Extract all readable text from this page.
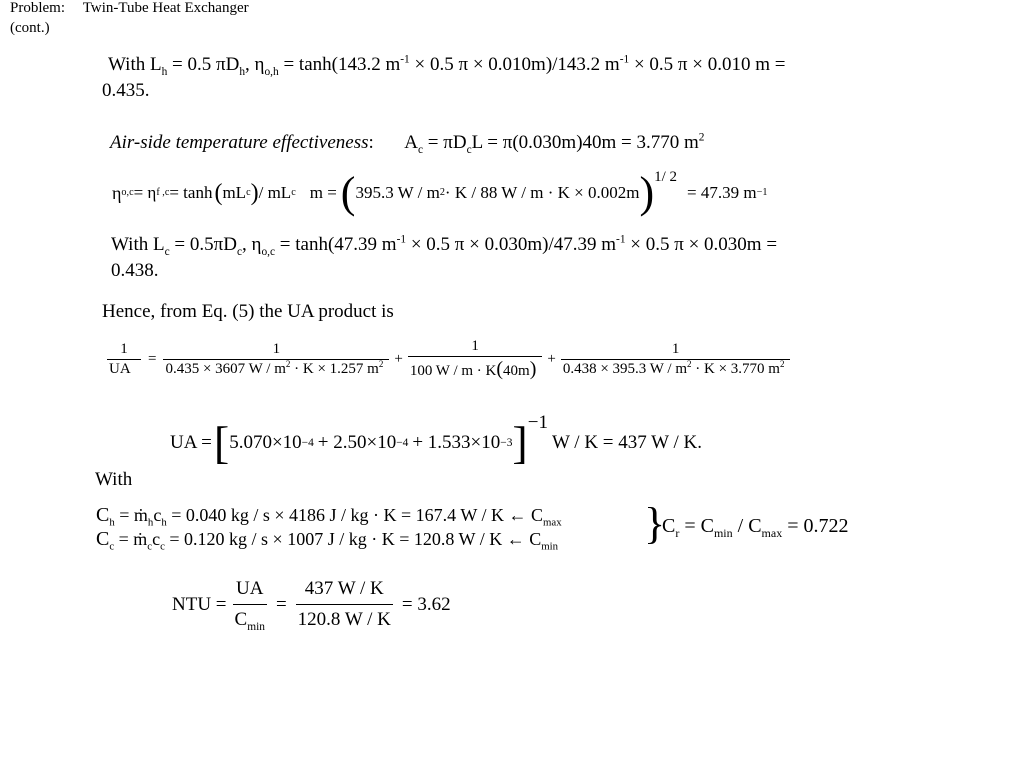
Problem: Twin-Tube Heat Exchanger
(cont.)
With $L_h = 0.5$ $\pi D_h$, $\eta_{o,h} = \tanh(143.2$ $m^{-1} \times 0.5$ π × 0.010m)/143.2 $m^{-1} \times 0.5$ π × 0.010 m =
0.435.
Air-side temperature effectiveness: $A_c = \pi D_cL = \pi(0.030m)40m = 3.770$ $m^2$
η o,c = η f ,c = tanh ( mL c ) / mL c m = ( 395.3 W / m 2 · K / 88 W / m · K × 0.002m ) 1/ 2
= 47.39 m −1
With $L_c = 0.5\pi D_c$, $\eta_{o,c} = \tanh(47.39$ $m^{-1} \times 0.5$ π × 0.030m)/47.39 $m^{-1} \times 0.5$ π × 0.030m =
0.438.
Hence, from Eq. (5) the UA product is
$\frac{1}{UA} = \frac{1}{0.435 \times 3607 W / m^2 \cdot K \times 1.257 m^2} + \frac{1}{100 W / m \cdot K(40m)} + \frac{1}{0.438 \times 395.3 W / m^2 \cdot K \times 3.770 m^2}$
UA = [ 5.070×10 −4 + 2.50×10 −4 + 1.533×10 −3 ] −1
W / K = 437 W / K.
With
$C_h$ = $ṁ_hc_h = 0.040$ kg / s × 4186 J / kg · K = 167.4 W / K ← $C_{max}$
$C_c$ = $ṁ_cc_c = 0.120$ kg / s × 1007 J / kg · K = 120.8 W / K ← $C_{min}$ }
$C_r = C_{min} / C_{max} = 0.722$
NTU = $\frac{UA}{C_{min}} = \frac{437 W / K}{120.8 W / K} = 3.62$
